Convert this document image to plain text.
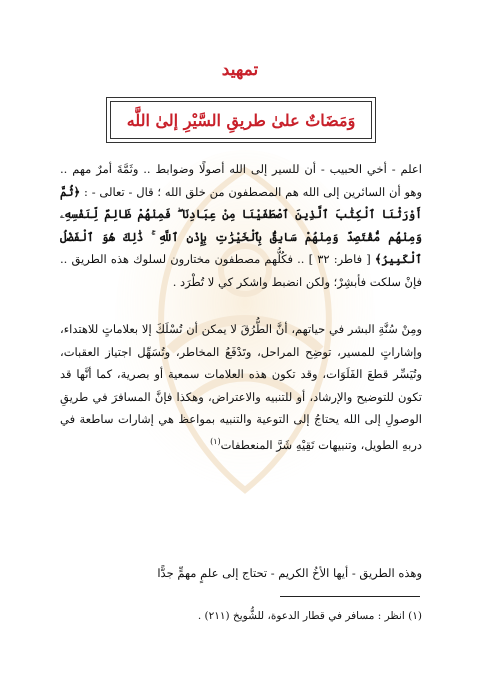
تمهيد
وَمَضَاتٌ علىٰ طريقِ السَّيْرِ إلىٰ اللَّه
اعلم - أخي الحبيب - أن للسير إلى الله أصولًا وضوابط .. وثَمَّةَ أمرٌ مهم .. وهو أن السائرين إلى الله هم المصطفون من خلق الله ؛ قال - تعالى - : ﴿ثُمَّ أَوْرَثْنَا ٱلْكِتَٰبَ ٱلَّذِينَ ٱصْطَفَيْنَا مِنْ عِبَادِنَا ۖ فَمِنْهُمْ ظَالِمٌ لِّنَفْسِهِۦ وَمِنْهُم مُّقْتَصِدٌ وَمِنْهُمْ سَابِقٌۢ بِٱلْخَيْرَٰتِ بِإِذْنِ ٱللَّهِ ۚ ذَٰلِكَ هُوَ ٱلْفَضْلُ ٱلْكَبِيرُ﴾ [ فاطر: ٣٢ ] .. فكُلُّهم مصطفون مختارون لسلوك هذه الطريق .. فإنْ سلكت فأبشِرْ؛ ولكن انضبط واشكر كي لا تُطْرَد .
ومِنْ سُنَّةِ البشر في حياتهم، أنَّ الطُّرُقَ لا يمكن أن تُسْلَكَ إلا بعلاماتٍ للاهتداء، وإشاراتٍ للمسير، توضِح المراحل، وتَدْفَعُ المخاطر، وتُسَهِّل اجتياز العقبات، وتُيَسِّر قطعَ الفَلَوَات، وقد تكون هذه العلامات سمعية أو بصرية، كما أنَّها قد تكون للتوضيح والإرشاد، أو للتنبيه والاعتراض، وهكذا فإنَّ المسافرَ في طريقِ الوصولِ إلى الله يحتاجُ إلى التوعية والتنبيه بمواعظ هي إشارات ساطعة في دربهِ الطويل، وتنبيهات تَقِيْهِ شَرَّ المنعطفات$^{(١)}$
وهذه الطريق - أيها الأخُ الكريم - تحتاج إلى علمٍ مهمٍّ جدًّا
(١) انظر : مسافر في قطار الدعوة، للشُّويخ (٢١١) .
